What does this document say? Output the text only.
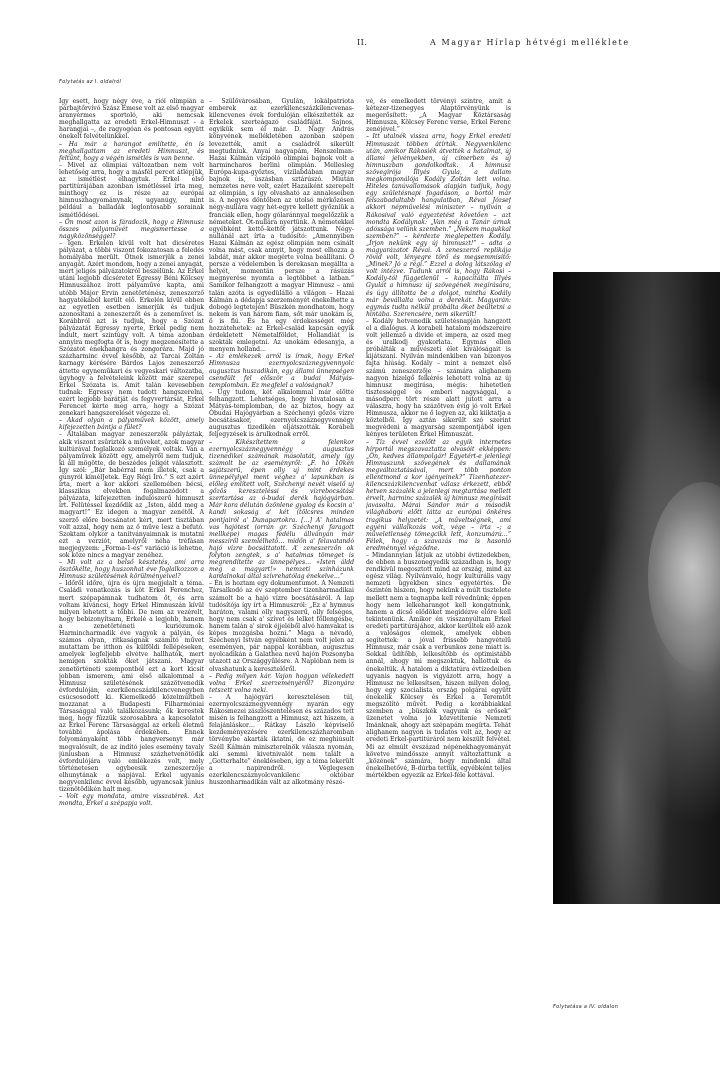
II.	A Magyar Hírlap hétvégi melléklete
Folytatás az I. oldalról

Így esett, hogy négy éve, a rióí olimpián a párbajtőrvívó Szász Emese volt az első magyar aranyérmes sportoló, aki nemcsak meghallgatta az eredeti Erkel-Himnuszt – a harangjai –, de ragyogóan és pontosan együtt énekelt felvételünkkel.

– Ha már a harangot említette, én is meghallgattam az eredeti Himnuszt, és feltűnt, hogy a végén ismétlés is van benne.

– Mivel az olimpiai változatban nem volt lehetőség arra, hogy a másfél percet átlépjük, az ismétlést elhagytuk. Erkel első partitúrájában azonban ismétléssel írta meg, minthogy ez is része az európai himnuszhagyománynak, ugyanúgy, mint például a balladák leglontosabb sorainak ismétlődései.

– Ön most azon is fáradozik, hogy a Himnusz összes pályaművét megismertesse a nagyközönséggel?

– Igen. Erkelén kívül volt hat dicséretes pályázat, a többi viszont fokozatosan a feledés homályába merült. Ötnek ismerjük a zenei anyagát. Azért mondom, hogy a zenei anyagát, mert jeligés pályázatokról beszélünk. Az Erkel utáni legjobb dicséretet Egressy Béni Kölcsey Himnuszához írott pályaműve kapta, ami utóbb Májor Ervin zenetörténész, zeneszerző hagyatékából került elő. Erkelén kívül ebben az egyetlen esetben ismerjük és tudjuk azonosítani a zeneszerzőt és a zeneművet is. Korábbról azt is tudjuk, hogy a Szózat pályázatát Egressy nyerte, Erkel pedig nem indult, mert szintúgy volt. A téma azonban annyira megfogta őt is, hogy megzenésítette a Szózatot énekhangra és zongorára. Majd jó százharminc évvel később, az Tarcai Zoltán karnagy kérésére Bárdos Lajos zeneszerző áttette egyneműkari és vegyeskari változatba, úgyhogy a felvételeink között már szerepel Erkel Szózata is. Amit talán kevesebben tudnak: Egressy nem tudott hangszerelni, ezért legjobb barátját és fegyvertársát, Erkel Ferencet kérte meg arra, hogy a Szózat zenekari hangszerelését végezze el.

– Akad olyan a pályaművek között, amely kifejezetten bántja a fület?

– Általában magyar zeneszerzők pályáztak, akik viszont zsűrizték a műveket, azok magyar kultúrával foglalkozó személyek voltak. Van a pályaművek között egy, amelyről nem tudjuk, ki áll mögötte, de beszédes jeligét választott. Így szól: „Bár babérral nem illetek, csak a gúnyról kímélJetek. Egy Régi Író.” S ezt azért írta, mert a kor akkori szellemében bécsi, klasszikus elvekben fogalmazódott a pályázata, kifejezetten indulószerű himnuszt írt. Felütéssel kezdődik az „Isten, áldd meg a magyart!” Ez idegen a magyar zenétől. A szerző előre bocsánatot kért, mert tisztában volt azzal, hogy nem az ő műve lesz a befutó. Szoktam olykor a tanítványaimnak is mutatni ezt a verziót, amelyről néha tréfásan megjegyzem: „Forma-1-es” variáció is lehetne, sok köze nincs a magyar zenéhez.

– Mi volt az a belső késztetés, ami arra ösztökélte, hogy huszonhat éve foglalkozzon a Himnusz születésének körülményeivel?

– Időről időre, újra és újra megjelalt a téma. Családi vonatkozás is köt Erkel Ferenchez, mert szépapámnak tudhatom őt, és arra voltam kíváncsi, hogy Erkel Himnuszán kívül milyen lehetett a többi. De nem az vezérelt, hogy bebizonyítsam, Erkelé a legjobb, hanem a zenetörténeti kuriózumok. Harmincharmadik éve vagyok a pályán, és számos olyan, ritkaságnak számító művet mutattam be itthon és külföldi fellépéseken, amelyek legfeljebb elvétve hallhatók, mert nemigen szokták őket játszani. Magyar zenetörténeti szempontból ezt a kort kicsit jobban ismerem, ami első alkalommal a Himnusz születésének százötvenedik évfordulóján, ezerkilencszázkilencvenegyben csúcsosodott ki. Kiemelkedő közelmúltbeli mozzanat a Budapesti Filharmóniai Társasággal való találkozásunk; ők kerestek meg, hogy fűzzük szorosabbra a kapcsolatot az Erkel Ferenc Társasággal az erkeli életmű további ápolása érdekében. Ennek folyományaként több hangversenyt már megvalósult, de az indító jeles esemény tavaly júniusban a Himnusz százhetvenötödik évfordulójára való emlékezés volt, mely történetesen egybeesik zeneszerzője elhunytának a napjával. Erkel ugyanis negyvenkilenc évvel később, ugyancsak június tizenötödikén halt meg.

– Volt egy mondata, amire visszatérek. Azt mondta, Erkel a szépapja volt.

– Szülővárosában, Gyulán, lokálpatriota emberek az ezerkilencszázkilencvenas-kilencvenes évek fordulóján elkészítették az Erkelek szerteágazó családfáját. Sajnos, egyikük sem él már. D. Nagy András könyvének mellékletében azonban szépen levezették, amit a családról sikerült megtudniuk. Anyai nagyapám, Henszelman-Hazai Kálmán vízipóló olimpiai bajnok volt a harmincharos berlini olimpián. Mellesleg Európa-kupa-győztes, vízilabdában magyar bajnok is, úszásban sztárúszó. Miután nemzetes neve volt, ezért Hazaiként szerepelt az olimpián, s így olvasható az annaleseiben is. A negyes döntőben az utolsó mérkőzésen négy-nullára vagy hét-egyre kellett győzniük a franciák ellen, hogy gólaránnyal megelőzzük a németeket. Öt-nullára nyertünk. A németekkel egyébként kettő–kettőt játszottunk. Négy-nullánál azt írta a tudósító: „Amennyiben Hazai Kálmán az egész olimpián nem csinált volna mást, csak annyit, hogy most elhozza a labdát, már akkor megérte volna beállítani. Ő persze a védelemben is derekasan megállta a helyét, momentán persze a rásúzás megnyerése nyomta a legtöbbet a latban.” Samikor felhangzott a magyar Himnusz – ami talán azóta is egyedülálló a világon – Hazai Kálmán a dédapja szerzeményét énekelhette a dobogó legtetején! Büszkén mondhatom, hogy nekem is van három fiam, sőt már unokám is, ő is fiú. És ha egy érdekességet még hozzátehetek: az Erkel-család kapcsán egyik érdekletett Németalföldet, Hollandiát is szokták emlegetni. Az unokám édesanyja, a menyem holland…

– Az emlékezek arról is írnak, hogy Erkel Himnusza ezernyolcszáznegyvennyolc augusztus huszadikán, egy állami ünnepségen csendült fel először a budai Mátyás-templomban. Ez megfelel a valóságnak?

– Úgy tudom, két alkalommal már előtte felhangzott. Lehetséges, hogy hivatalosan a Mátyás-templomban, de az biztos, hogy az Óbudai Hajógyárban a Széchenyi gőzös vízre bocsátásakor, ezernyolcszáznegyvennégy augusztus tizedikén eljátszották. Korábeli feljegyzések is árulkodnak erről.

– Kikészítettem a felenkor ezernyolcszáznegyvennégy augusztus tizenedikei számának másolatát, amely így számolt be az eseményről: „F. hó 10kén sajátszerű, épen olly uj mint érdekes ünnepélylyel ment véghez a' lapunkban is előleg említett volt, Széchenyi nevét viselő uj gőzös kereszteléssi és vízrebocsátási szertartása az ó-budai derék hajógyárban. Már kora délután özönlene gyalog és kocsin a' kandi sokaság a' két (tölcsres minden pontjairól a' Dunapartokra. […] A' hatalmas vas hajótest (orrán gr. Széchenyi faragott mellképe) magas fedélu állványán már messziről szemlélhető… midőn a' felavatandó hajó vízre bocsáttatott. A’ zeneszerzőn ok folyton zengtek, s a’ hatalmas tömeget is megrendítette az ünnepélyes… «Isten áldd meg a magyart!» nemzeti színházunk kardalnokai által szívrehatólag énekelve…”

– Én is hoztam egy dokumentumot. A Nemzeti Társalkodó az év szeptember tizenharmadikai számolt be a hajó vízre bocsátásáról. A lap tudósítója így írt a Himnuszról: „Ez a' hymnus haráton, valami olly nagyszerű, olly felséges, hogy nem csak a' szívet és lelket föllengésbe, hanem talán a' sirok éjjeléből alvó hamvakat is képes mozgásba hozni.” Maga a névadó, Széchenyi István egyébként nem volt jelen az eseményen, pár nappal korábban, augusztus nyolcadikán a Galathea nevű hajón Pozsonyba utazott az Országgyűlésre. A Naplóban nem is olvashatunk a keresztelőről.

– Pedig milyen kár. Vajon hogyan vélekedett volna Erkel szerzeményéről? Bizonyára tetszett volna neki.

– A hajógyári keresztelésen túl, ezernyolcszáznegyvennégy nyarán egy Rákosmezei zászlószentelésen és százados tett misén is felhangzott a Himnusz, azt hiszem, a felajánláskor… Rátkay László képviselő kezdeményezésére ezerkilencszázharomban törvénybe akarták iktatni, de ez meghiúsult Széll Kálmán miniszterelnök válasza nyomán, aki semmi kivetnivalót nem talált a „Gotterhalte” énekléseben, így a téma lekerült a napirendről. Véglegesen ezerkilencszáznyolcvankilenc októbar huszonharmadikán vált az alkotmány részé-

vé, és emelkedett törvényi szintre, amit a kétezer-tizenegyes Alaptörvényünk is megerősített: „A Magyar Köztársaság Himnusza, Kölcsey Ferenc verse, Erkel Ferenc zenéjével.”

– Itt utalnék vissza arra, hogy Erkel eredeti Himnuszát többen átírták. Negyvenkilenc után, amikor Rákosiék átvették a hatalmat, új állami jelvényekben, új címerben és új himnuszban gondolkodtak. A himnusz szövegírója Illyés Gyula, a dallam megkomponálója Kodály Zoltán lett volna. Hiteles tanúvallomások alapján tudjuk, hogy egy születésnapi fogadáson, a bortól már felszabadultabb hangulatban, Révai József akkori népművelési miniszter – nyilván a Rákosival való egyeztetést követően – azt mondta Kodálynak: „Van még a Tanár úrnak adóssága velünk szemben.” „Nekem magukkal szemben?” – kérdezte meglepetten Kodály. „Írjon nekünk egy új himnuszt!” – adta a magyarázatot Révai. A zeneszerző replikája rövid volt, lényegre törő és megsemmisítő: „Minek? Jó a régi.” Ezzel a dolog látszólag el volt intézve. Tudunk arról is, hogy Rákosi – Kodály-tól függetlenül – kapacitálta Illyés Gyulát a himnusz új szövegének megírására, és úgy állította be a dolgot, mintha Kodály már bevállalta volna a derekát. Magyarán: egymás tudta nélkül próbálta őket beültetni a hintába. Szerencsére, nem sikerült!

– Kodály hetvenedik születésnapján hangzott el a dialógus. A korabeli hatalom módszereire volt jellemző a divide et impera, az oszd meg és uralkodj gyakorlata. Egymás ellen próbálták a művészeti élet kiválóságait is kijátszani. Nyilván mindenkiben van bizonyos fajta hiúság. Kodály – mint a nemzet első számú zeneszerzője – számára alighanem nagyon hízelgő felkérés lehetett volna az új himnusz megírása, mégis: hihetetlen tisztességgel és emberi nagysággal, a másodperc tört része alatt jutott arra a válaszra, hogy ha százötven évig jó volt Erkel Himnusza, akkor ne ő legyen az, aki kiiktatja a köztelből. Így aztán sikerült szó szerint megvédeni a magyarság szempontjából igen kényes területen Erkel Himnuszát.

– Tíz évvel ezelőtt az egyik internetes hírportál megszavaztatta olvasóit ekképpen: „Ön, kedves állampolgár! Egyetért-e jelenlegi Himnuszunk szövegének és dallamának megváltoztatásával, mert több ponton ellentmond a kor igényeinek?” Tizenhatezer-kilencszázkilencvenhat válasz érkezett, ebből hetven százalék a jelenlegi megtartása mellett érvelt, harminc százalék új himnusz megírását javasolta. Márai Sándor már a második világháború előtt látta az európai önkéres tragikus helyzetét: „A műveltségnek, ami egyéni vállalkozás volt, vége – írta –; a műveletlenség tömegcikk lett, konzumárú…” Félek, hogy a szavazás ma is hasonló eredménnyel végződne.

– Mindannyian látjuk az utóbbi évtizedekben, de ebben a huszonegyedik században is, hogy rendkívül megosztott mind az ország, mind az egész világ. Nyilvánvaló, hogy kulturális vagy nemzeti ügyekben sincs egyetértés. De őszintén hiszem, hogy nekünk a múlt tisztelete mellett nem a tegnapba kell révednünk; éppen hogy nem lelkeharangot kell kongatnunk, hanem a dicső elődöket megidézve előre kell tekintenünk. Amikor én visszanyúltam Erkel eredeti partitúrájához, akkor kerültek elő azok a valóságos elemek, amelyek ebben segítettek: a jóval frissebb hangvételű Himnusz, már csak a verbunkos zene miatt is. Sokkal üdítőbb, lelkesítőbb és optimistább annál, ahogy mi megszoktuk, hallottuk és énekeltük. A hatalom a diktatúra évtizedeiben ugyanis nagyon is vigyázott arra, hogy a Himnusz ne lelkesítsen, hiszen milyen dolog, hogy egy szocialista ország polgárai együtt énekelik Kölcsey és Erkel a Teremtőt megszólító művét. Pedig a korábbiakkal szemben a „büszkék vagyunk és erősek” üzenetet volna jó közvetítenie Nemzeti Imánknak, ahogy azt szépapám megírta. Tehát alighanem nagyon is tudatos volt az, hogy az eredeti Erkel-partitúráról nem készült felvétel. Mi az elmúlt évszázad népénekhagyományát követve mindössze annyit változtattunk a „közének” számára, hogy mindenki által énekelhetővé, B-dúrba tettük, egyébként teljes mértékben egyezik az Erkel-féle kottával.

Folytatása a IV. oldalon
